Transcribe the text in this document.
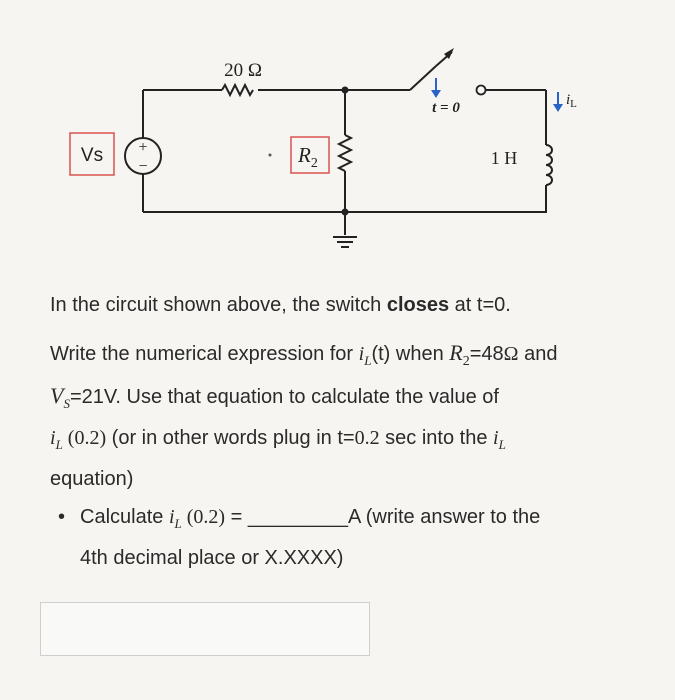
+
−
Vs
20 Ω
$R_2$
t = 0
1 H
$i_L$

In the circuit shown above, the switch closes at t=0.

Write the numerical expression for $i_L(t)$ when $R_2=48\Omega$ and
$V_S=21V$. Use that equation to calculate the value of
$i_L$ (0.2) (or in other words plug in t=0.2 sec into the $i_L$
equation)

• Calculate $i_L$ (0.2) = _________A (write answer to the
4th decimal place or X.XXXX)
